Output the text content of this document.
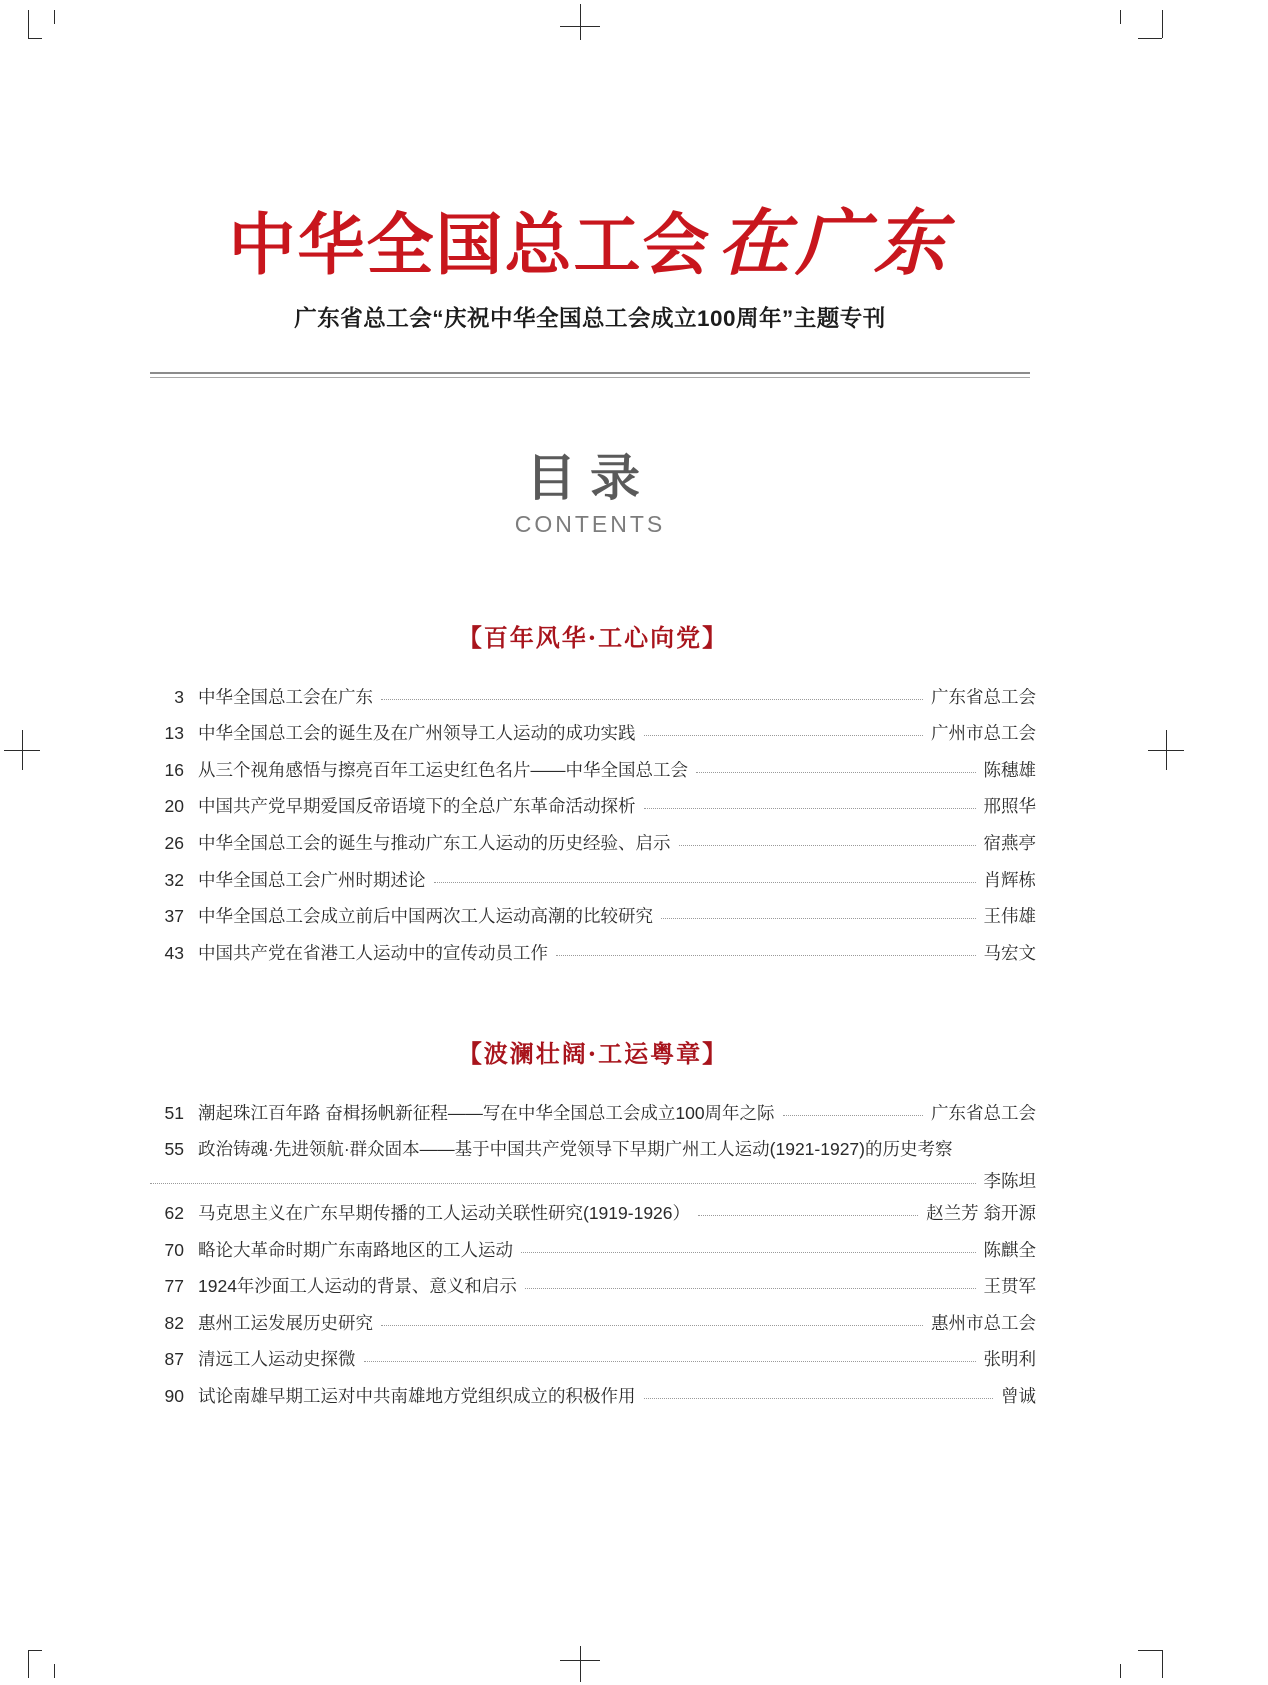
中华全国总工会在广东
广东省总工会“庆祝中华全国总工会成立100周年”主题专刊
目录
CONTENTS
【百年风华·工心向党】
3 中华全国总工会在广东	广东省总工会
13 中华全国总工会的诞生及在广州领导工人运动的成功实践	广州市总工会
16 从三个视角感悟与擦亮百年工运史红色名片——中华全国总工会	陈穗雄
20 中国共产党早期爱国反帝语境下的全总广东革命活动探析	邢照华
26 中华全国总工会的诞生与推动广东工人运动的历史经验、启示	宿燕亭
32 中华全国总工会广州时期述论	肖辉栋
37 中华全国总工会成立前后中国两次工人运动高潮的比较研究	王伟雄
43 中国共产党在省港工人运动中的宣传动员工作	马宏文
【波澜壮阔·工运粤章】
51 潮起珠江百年路 奋楫扬帆新征程——写在中华全国总工会成立100周年之际	广东省总工会
55 政治铸魂·先进领航·群众固本——基于中国共产党领导下早期广州工人运动(1921-1927)的历史考察
李陈坦
62 马克思主义在广东早期传播的工人运动关联性研究(1919-1926）	赵兰芳 翁开源
70 略论大革命时期广东南路地区的工人运动	陈麒全
77 1924年沙面工人运动的背景、意义和启示	王贯军
82 惠州工运发展历史研究	惠州市总工会
87 清远工人运动史探微	张明利
90 试论南雄早期工运对中共南雄地方党组织成立的积极作用	曾诚
